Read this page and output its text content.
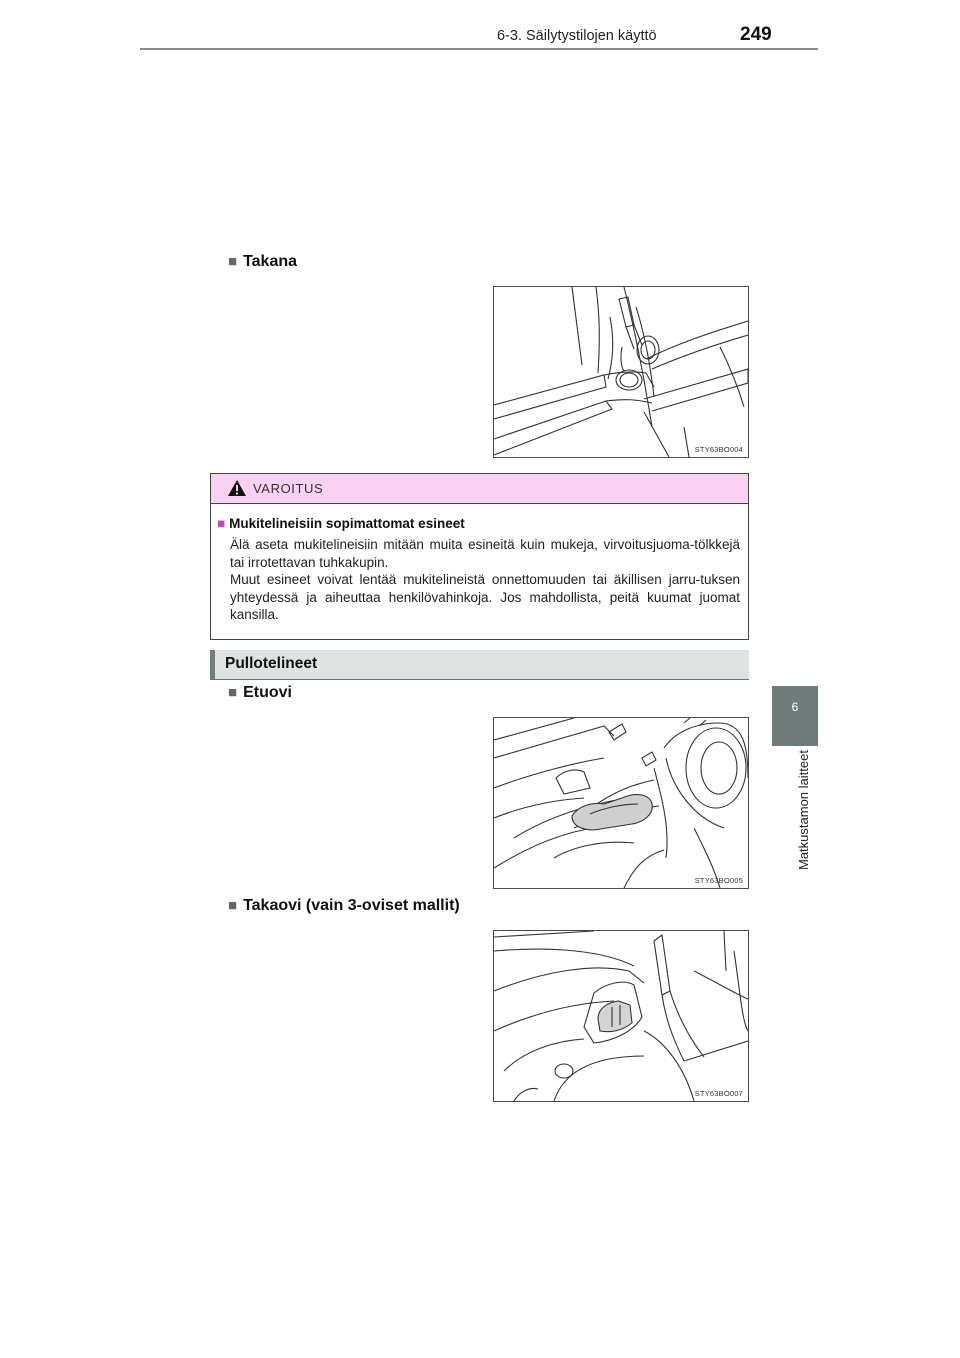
6-3. Säilytystilojen käyttö	249
6
Matkustamon laitteet
■ Takana
STY63BO004
VAROITUS
■ Mukitelineisiin sopimattomat esineet

Älä aseta mukitelineisiin mitään muita esineitä kuin mukeja, virvoitusjuoma-tölkkejä tai irrotettavan tuhkakupin.

Muut esineet voivat lentää mukitelineistä onnettomuuden tai äkillisen jarru-tuksen yhteydessä ja aiheuttaa henkilövahinkoja. Jos mahdollista, peitä kuumat juomat kansilla.

Pullotelineet
■ Etuovi
STY63BO005
■ Takaovi (vain 3-oviset mallit)
STY63BO007
